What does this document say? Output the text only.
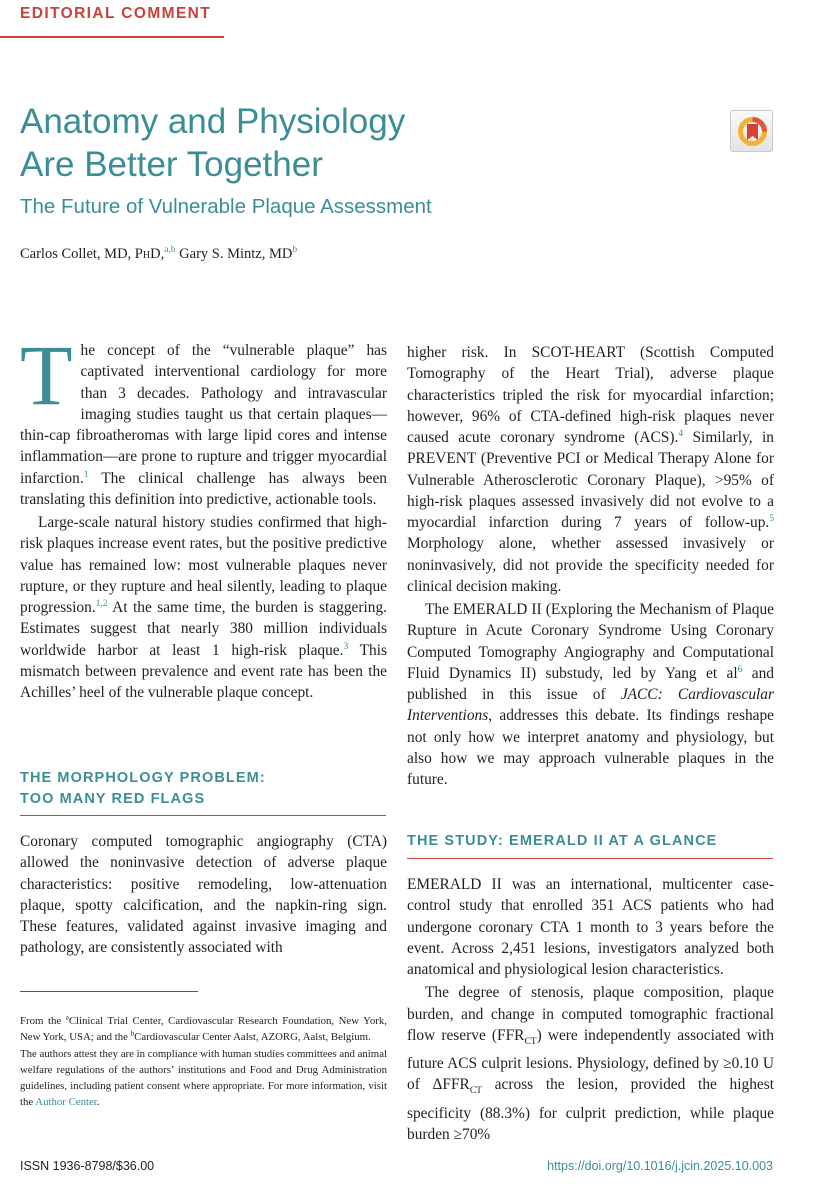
EDITORIAL COMMENT
Anatomy and Physiology
Are Better Together
The Future of Vulnerable Plaque Assessment
Carlos Collet, MD, PhD,$^{a,b}$ Gary S. Mintz, $MD^b$

The concept of the “vulnerable plaque” has captivated interventional cardiology for more than 3 decades. Pathology and intravascular imaging studies taught us that certain plaques—thin-cap fibroatheromas with large lipid cores and intense inflammation—are prone to rupture and trigger myocardial infarction.$^1$ The clinical challenge has always been translating this definition into predictive, actionable tools.

Large-scale natural history studies confirmed that high-risk plaques increase event rates, but the positive predictive value has remained low: most vulnerable plaques never rupture, or they rupture and heal silently, leading to plaque progression.$^{1,2}$ At the same time, the burden is staggering. Estimates suggest that nearly 380 million individuals worldwide harbor at least 1 high-risk plaque.$^3$ This mismatch between prevalence and event rate has been the Achilles’ heel of the vulnerable plaque concept.

THE MORPHOLOGY PROBLEM:
TOO MANY RED FLAGS

Coronary computed tomographic angiography (CTA) allowed the noninvasive detection of adverse plaque characteristics: positive remodeling, low-attenuation plaque, spotty calcification, and the napkin-ring sign. These features, validated against invasive imaging and pathology, are consistently associated with

higher risk. In SCOT-HEART (Scottish Computed Tomography of the Heart Trial), adverse plaque characteristics tripled the risk for myocardial infarction; however, 96% of CTA-defined high-risk plaques never caused acute coronary syndrome (ACS).$^4$ Similarly, in PREVENT (Preventive PCI or Medical Therapy Alone for Vulnerable Atherosclerotic Coronary Plaque), >95% of high-risk plaques assessed invasively did not evolve to a myocardial infarction during 7 years of follow-up.$^5$ Morphology alone, whether assessed invasively or noninvasively, did not provide the specificity needed for clinical decision making.

The EMERALD II (Exploring the Mechanism of Plaque Rupture in Acute Coronary Syndrome Using Coronary Computed Tomography Angiography and Computational Fluid Dynamics II) substudy, led by Yang et al$^6$ and published in this issue of JACC: Cardiovascular Interventions, addresses this debate. Its findings reshape not only how we interpret anatomy and physiology, but also how we may approach vulnerable plaques in the future.

THE STUDY: EMERALD II AT A GLANCE

EMERALD II was an international, multicenter case-control study that enrolled 351 ACS patients who had undergone coronary CTA 1 month to 3 years before the event. Across 2,451 lesions, investigators analyzed both anatomical and physiological lesion characteristics.

The degree of stenosis, plaque composition, plaque burden, and change in computed tomographic fractional flow reserve $(FFR_{CT})$ were independently associated with future ACS culprit lesions. Physiology, defined by ≥0.10 U of $\Delta FFR_{CT}$ across the lesion, provided the highest specificity (88.3%) for culprit prediction, while plaque burden ≥70%

From the $^a$Clinical Trial Center, Cardiovascular Research Foundation, New York, New York, USA; and the $^b$Cardiovascular Center Aalst, AZORG, Aalst, Belgium.

The authors attest they are in compliance with human studies committees and animal welfare regulations of the authors’ institutions and Food and Drug Administration guidelines, including patient consent where appropriate. For more information, visit the Author Center.

ISSN 1936-8798/$36.00	https://doi.org/10.1016/j.jcin.2025.10.003
